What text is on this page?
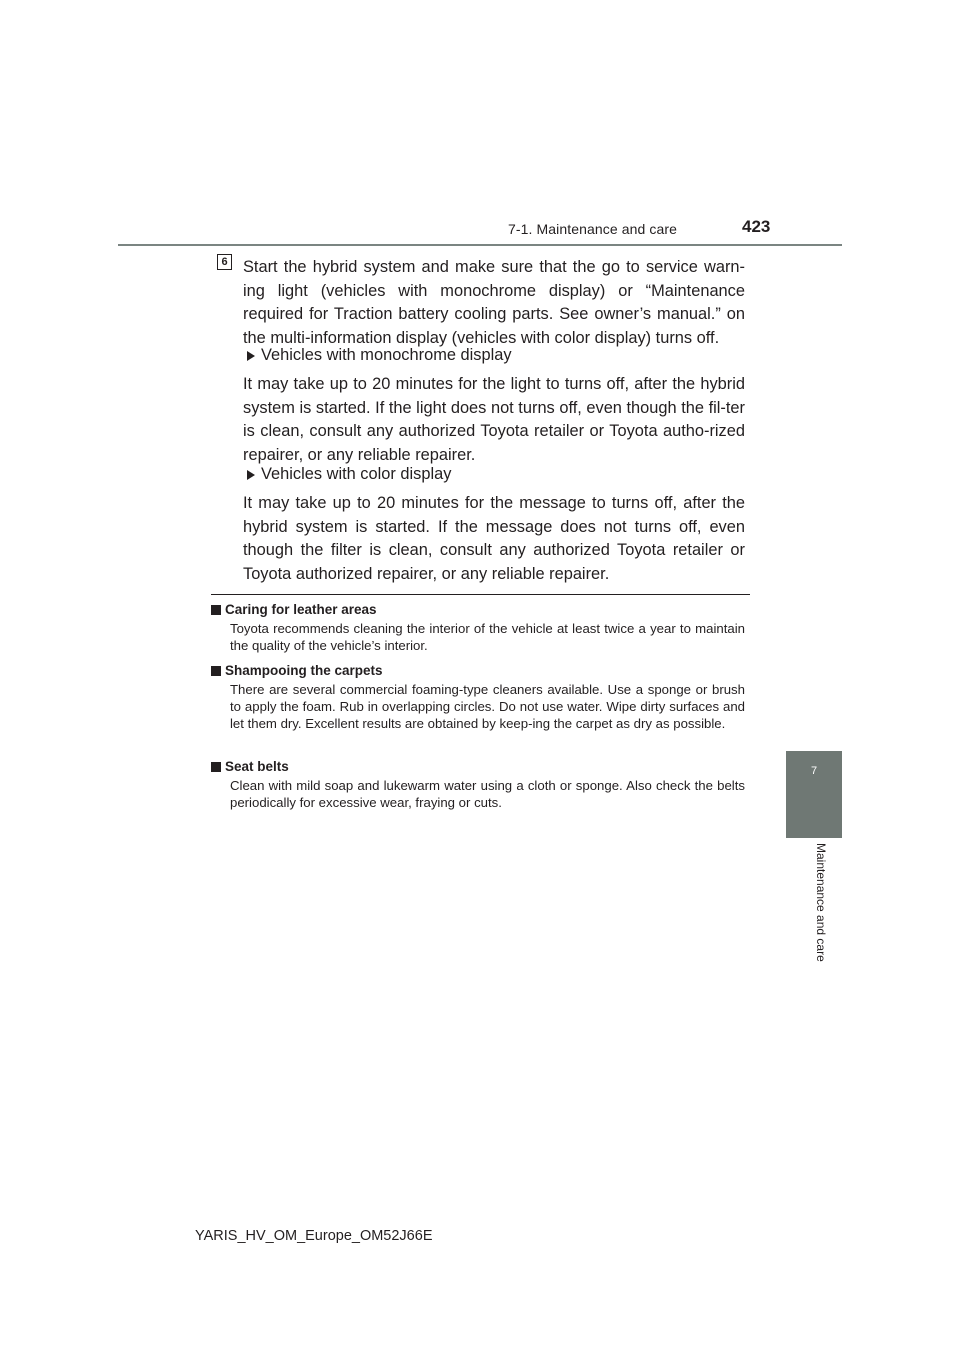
7-1. Maintenance and care	423
7
Maintenance and care
6 Start the hybrid system and make sure that the go to service warn-ing light (vehicles with monochrome display) or “Maintenance required for Traction battery cooling parts. See owner’s manual.” on the multi-information display (vehicles with color display) turns off.
Vehicles with monochrome display
It may take up to 20 minutes for the light to turns off, after the hybrid system is started. If the light does not turns off, even though the fil-ter is clean, consult any authorized Toyota retailer or Toyota autho-rized repairer, or any reliable repairer.
Vehicles with color display
It may take up to 20 minutes for the message to turns off, after the hybrid system is started. If the message does not turns off, even though the filter is clean, consult any authorized Toyota retailer or Toyota authorized repairer, or any reliable repairer.
Caring for leather areas
Toyota recommends cleaning the interior of the vehicle at least twice a year to maintain the quality of the vehicle’s interior.
Shampooing the carpets
There are several commercial foaming-type cleaners available. Use a sponge or brush to apply the foam. Rub in overlapping circles. Do not use water. Wipe dirty surfaces and let them dry. Excellent results are obtained by keep-ing the carpet as dry as possible.
Seat belts
Clean with mild soap and lukewarm water using a cloth or sponge. Also check the belts periodically for excessive wear, fraying or cuts.
YARIS_HV_OM_Europe_OM52J66E
